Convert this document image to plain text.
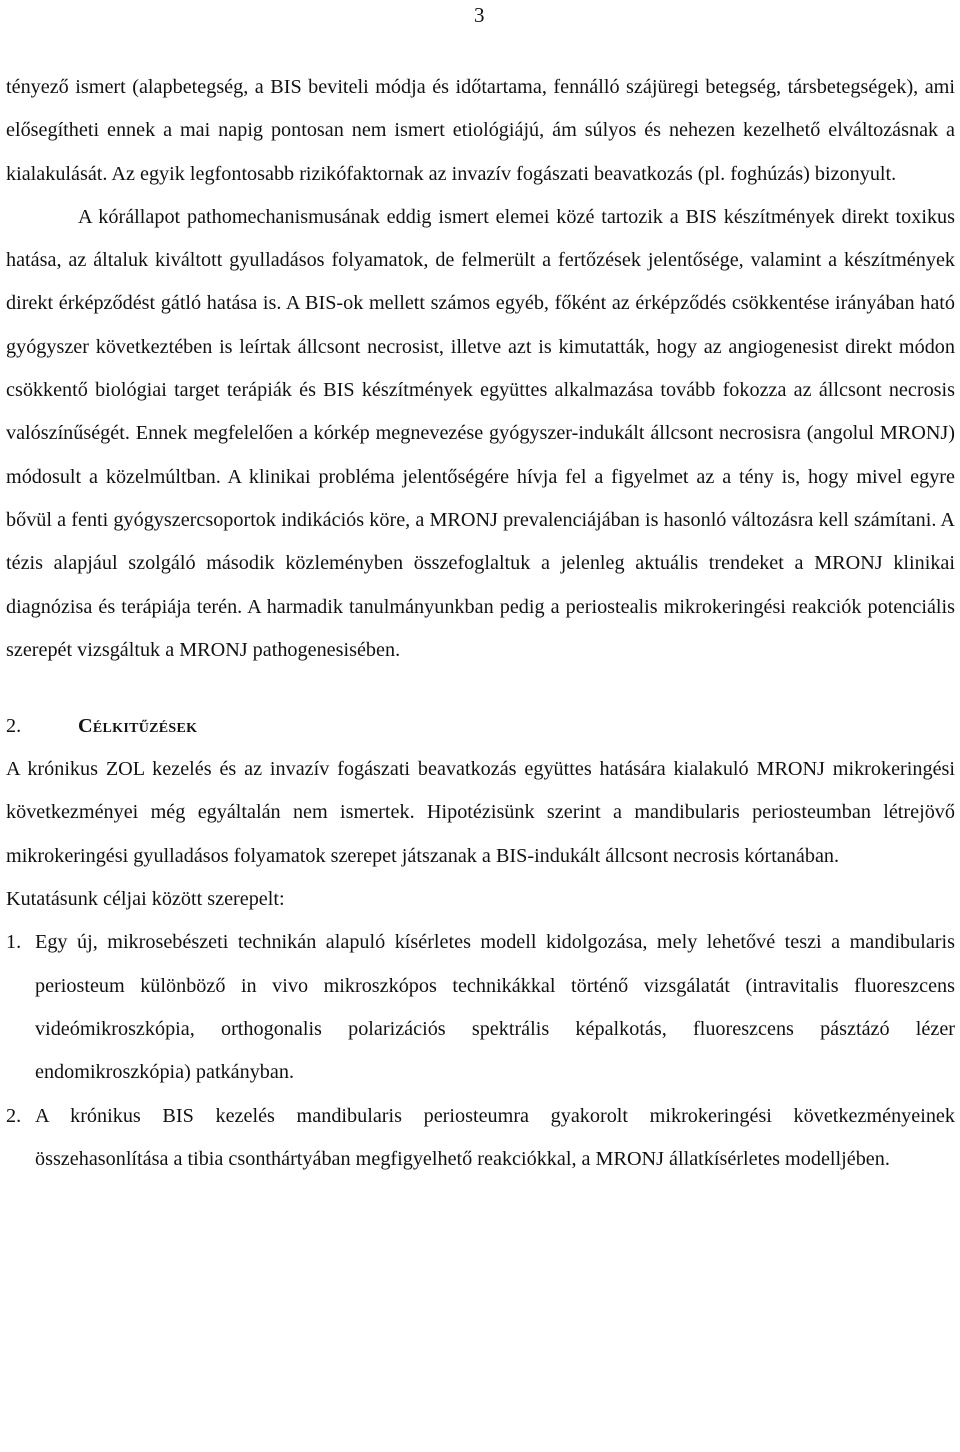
3

tényező ismert (alapbetegség, a BIS beviteli módja és időtartama, fennálló szájüregi betegség, társbetegségek), ami elősegítheti ennek a mai napig pontosan nem ismert etiológiájú, ám súlyos és nehezen kezelhető elváltozásnak a kialakulását. Az egyik legfontosabb rizikófaktornak az invazív fogászati beavatkozás (pl. foghúzás) bizonyult.

A kórállapot pathomechanismusának eddig ismert elemei közé tartozik a BIS készítmények direkt toxikus hatása, az általuk kiváltott gyulladásos folyamatok, de felmerült a fertőzések jelentősége, valamint a készítmények direkt érképződést gátló hatása is. A BIS-ok mellett számos egyéb, főként az érképződés csökkentése irányában ható gyógyszer következtében is leírtak állcsont necrosist, illetve azt is kimutatták, hogy az angiogenesist direkt módon csökkentő biológiai target terápiák és BIS készítmények együttes alkalmazása tovább fokozza az állcsont necrosis valószínűségét. Ennek megfelelően a kórkép megnevezése gyógyszer-indukált állcsont necrosisra (angolul MRONJ) módosult a közelmúltban. A klinikai probléma jelentőségére hívja fel a figyelmet az a tény is, hogy mivel egyre bővül a fenti gyógyszercsoportok indikációs köre, a MRONJ prevalenciájában is hasonló változásra kell számítani. A tézis alapjául szolgáló második közleményben összefoglaltuk a jelenleg aktuális trendeket a MRONJ klinikai diagnózisa és terápiája terén. A harmadik tanulmányunkban pedig a periostealis mikrokeringési reakciók potenciális szerepét vizsgáltuk a MRONJ pathogenesisében.

2.	Célkitűzések

A krónikus ZOL kezelés és az invazív fogászati beavatkozás együttes hatására kialakuló MRONJ mikrokeringési következményei még egyáltalán nem ismertek. Hipotézisünk szerint a mandibularis periosteumban létrejövő mikrokeringési gyulladásos folyamatok szerepet játszanak a BIS-indukált állcsont necrosis kórtanában.

Kutatásunk céljai között szerepelt:

1. Egy új, mikrosebészeti technikán alapuló kísérletes modell kidolgozása, mely lehetővé teszi a mandibularis periosteum különböző in vivo mikroszkópos technikákkal történő vizsgálatát (intravitalis fluoreszcens videómikroszkópia, orthogonalis polarizációs spektrális képalkotás, fluoreszcens pásztázó lézer endomikroszkópia) patkányban.
2. A krónikus BIS kezelés mandibularis periosteumra gyakorolt mikrokeringési következményeinek összehasonlítása a tibia csonthártyában megfigyelhető reakciókkal, a MRONJ állatkísérletes modelljében.
